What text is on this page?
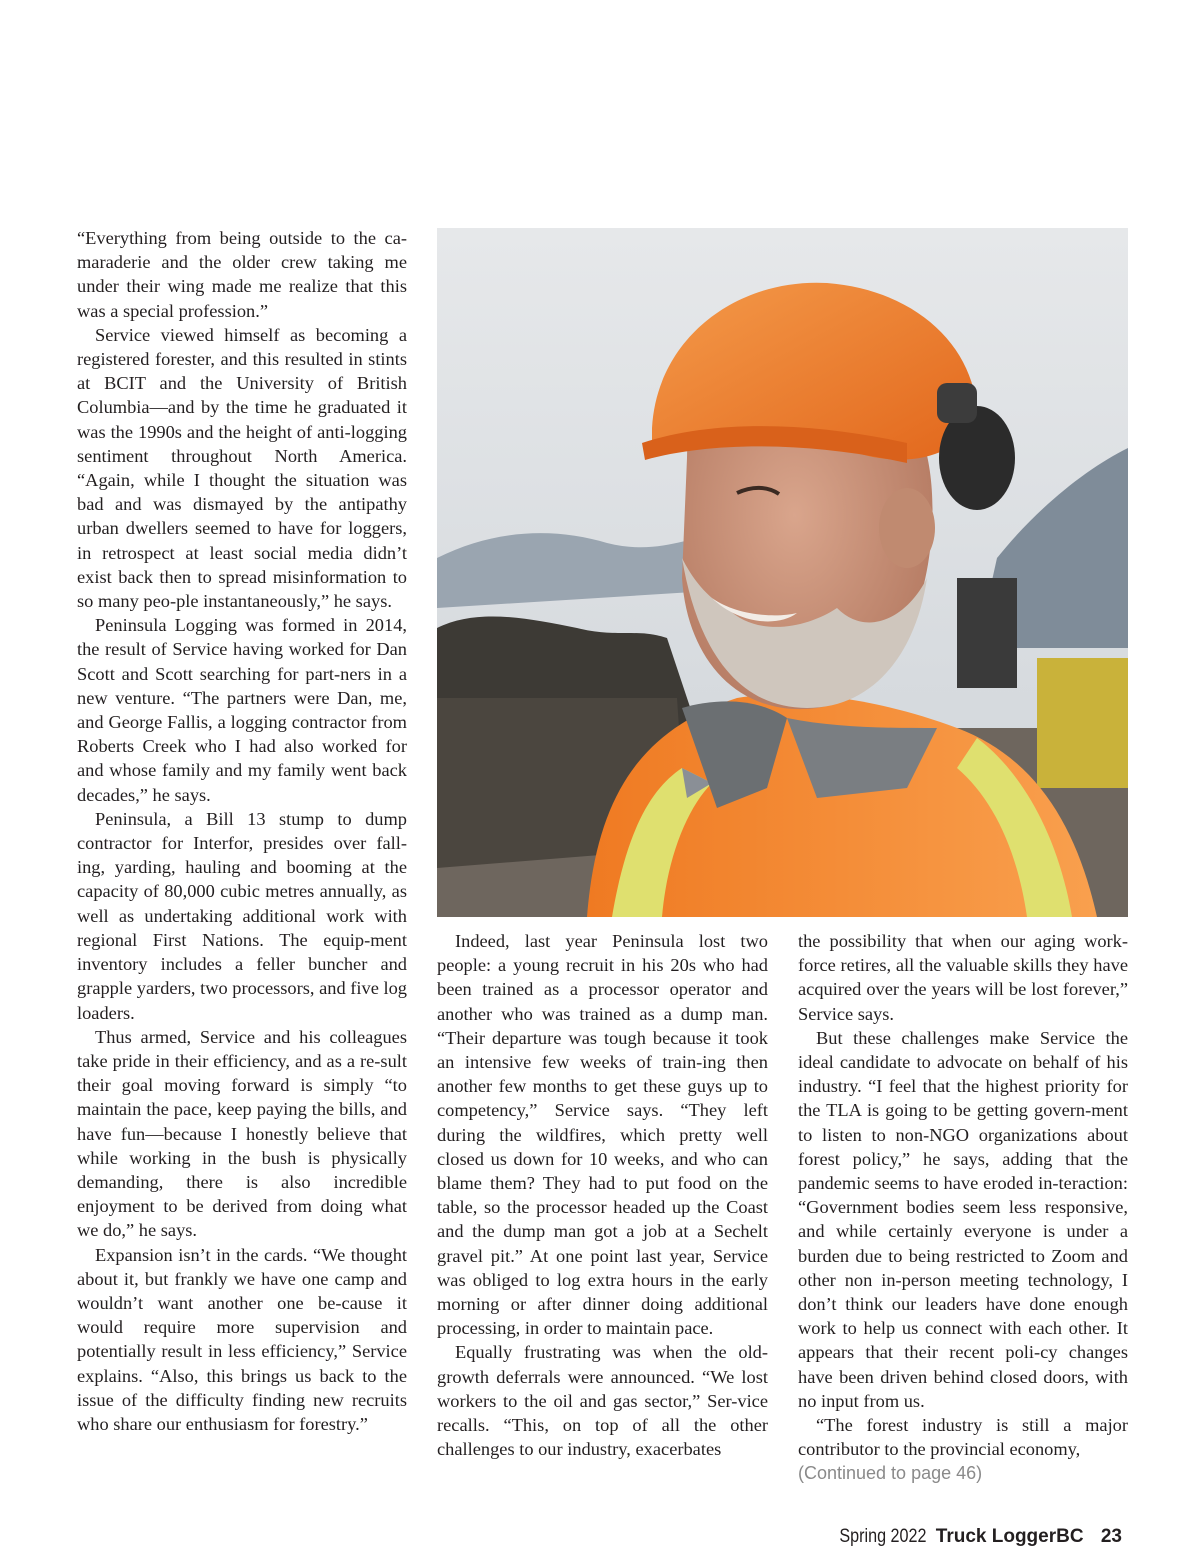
“Everything from being outside to the ca-maraderie and the older crew taking me under their wing made me realize that this was a special profession.”

Service viewed himself as becoming a registered forester, and this resulted in stints at BCIT and the University of British Columbia—and by the time he graduated it was the 1990s and the height of anti-logging sentiment throughout North America. “Again, while I thought the situation was bad and was dismayed by the antipathy urban dwellers seemed to have for loggers, in retrospect at least social media didn’t exist back then to spread misinformation to so many peo-ple instantaneously,” he says.

Peninsula Logging was formed in 2014, the result of Service having worked for Dan Scott and Scott searching for part-ners in a new venture. “The partners were Dan, me, and George Fallis, a logging contractor from Roberts Creek who I had also worked for and whose family and my family went back decades,” he says.

Peninsula, a Bill 13 stump to dump contractor for Interfor, presides over fall-ing, yarding, hauling and booming at the capacity of 80,000 cubic metres annually, as well as undertaking additional work with regional First Nations. The equip-ment inventory includes a feller buncher and grapple yarders, two processors, and five log loaders.

Thus armed, Service and his colleagues take pride in their efficiency, and as a re-sult their goal moving forward is simply “to maintain the pace, keep paying the bills, and have fun—because I honestly believe that while working in the bush is physically demanding, there is also incredible enjoyment to be derived from doing what we do,” he says.

Expansion isn’t in the cards. “We thought about it, but frankly we have one camp and wouldn’t want another one be-cause it would require more supervision and potentially result in less efficiency,” Service explains. “Also, this brings us back to the issue of the difficulty finding new recruits who share our enthusiasm for forestry.”

Indeed, last year Peninsula lost two people: a young recruit in his 20s who had been trained as a processor operator and another who was trained as a dump man. “Their departure was tough because it took an intensive few weeks of train-ing then another few months to get these guys up to competency,” Service says. “They left during the wildfires, which pretty well closed us down for 10 weeks, and who can blame them? They had to put food on the table, so the processor headed up the Coast and the dump man got a job at a Sechelt gravel pit.” At one point last year, Service was obliged to log extra hours in the early morning or after dinner doing additional processing, in order to maintain pace.

Equally frustrating was when the old-growth deferrals were announced. “We lost workers to the oil and gas sector,” Ser-vice recalls. “This, on top of all the other challenges to our industry, exacerbates

the possibility that when our aging work-force retires, all the valuable skills they have acquired over the years will be lost forever,” Service says.

But these challenges make Service the ideal candidate to advocate on behalf of his industry. “I feel that the highest priority for the TLA is going to be getting govern-ment to listen to non-NGO organizations about forest policy,” he says, adding that the pandemic seems to have eroded in-teraction: “Government bodies seem less responsive, and while certainly everyone is under a burden due to being restricted to Zoom and other non in-person meeting technology, I don’t think our leaders have done enough work to help us connect with each other. It appears that their recent poli-cy changes have been driven behind closed doors, with no input from us.

“The forest industry is still a major contributor to the provincial economy,

(Continued to page 46)
Spring 2022 Truck LoggerBC 23
